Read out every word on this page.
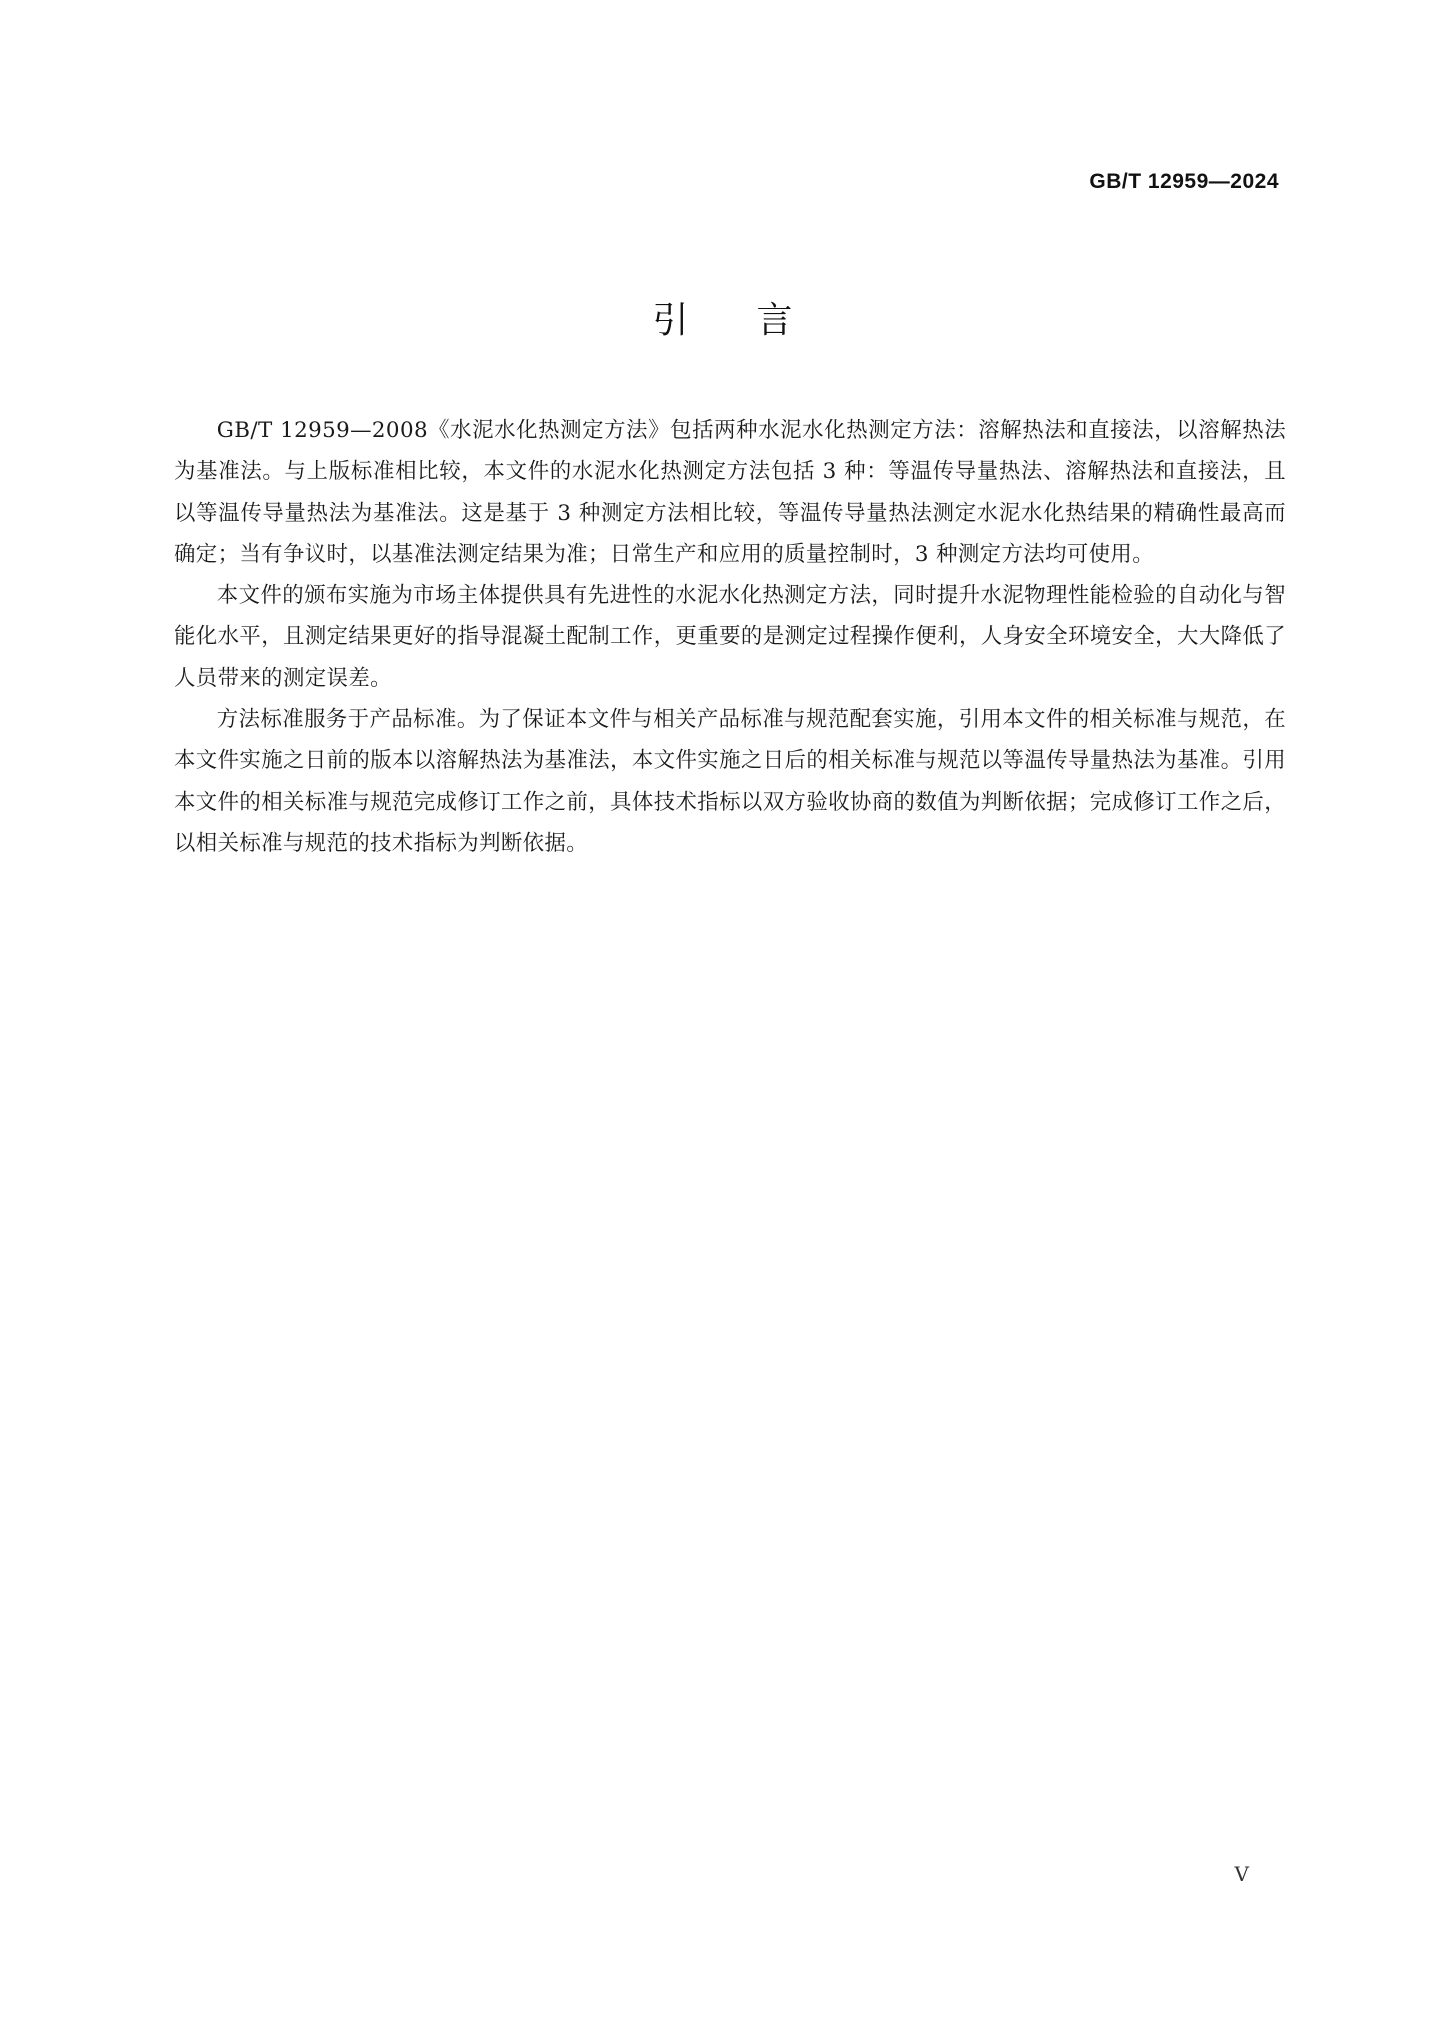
GB/T 12959—2024
引言

GB/T 12959—2008《水泥水化热测定方法》包括两种水泥水化热测定方法：溶解热法和直接法，以溶解热法为基准法。与上版标准相比较，本文件的水泥水化热测定方法包括 3 种：等温传导量热法、溶解热法和直接法，且以等温传导量热法为基准法。这是基于 3 种测定方法相比较，等温传导量热法测定水泥水化热结果的精确性最高而确定；当有争议时，以基准法测定结果为准；日常生产和应用的质量控制时，3 种测定方法均可使用。

本文件的颁布实施为市场主体提供具有先进性的水泥水化热测定方法，同时提升水泥物理性能检验的自动化与智能化水平，且测定结果更好的指导混凝土配制工作，更重要的是测定过程操作便利，人身安全环境安全，大大降低了人员带来的测定误差。

方法标准服务于产品标准。为了保证本文件与相关产品标准与规范配套实施，引用本文件的相关标准与规范，在本文件实施之日前的版本以溶解热法为基准法，本文件实施之日后的相关标准与规范以等温传导量热法为基准。引用本文件的相关标准与规范完成修订工作之前，具体技术指标以双方验收协商的数值为判断依据；完成修订工作之后，以相关标准与规范的技术指标为判断依据。

V
